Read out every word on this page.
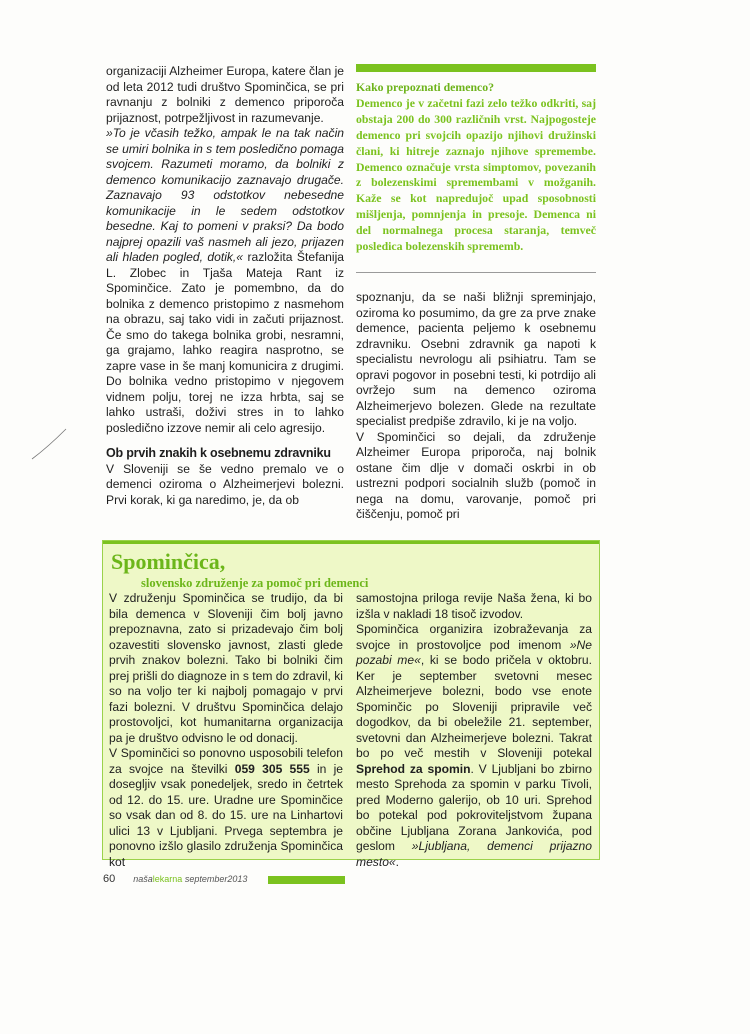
organizaciji Alzheimer Europa, katere član je od leta 2012 tudi društvo Spominčica, se pri ravnanju z bolniki z demenco priporoča prijaznost, potrpežljivost in razumevanje.

»To je včasih težko, ampak le na tak način se umiri bolnika in s tem posledično pomaga svojcem. Razumeti moramo, da bolniki z demenco komunikacijo zaznavajo drugače. Zaznavajo 93 odstotkov nebesedne komunikacije in le sedem odstotkov besedne. Kaj to pomeni v praksi? Da bodo najprej opazili vaš nasmeh ali jezo, prijazen ali hladen pogled, dotik,« razložita Štefanija L. Zlobec in Tjaša Mateja Rant iz Spominčice. Zato je pomembno, da do bolnika z demenco pristopimo z nasmehom na obrazu, saj tako vidi in začuti prijaznost. Če smo do takega bolnika grobi, nesramni, ga grajamo, lahko reagira nasprotno, se zapre vase in še manj komunicira z drugimi. Do bolnika vedno pristopimo v njegovem vidnem polju, torej ne izza hrbta, saj se lahko ustraši, doživi stres in to lahko posledično izzove nemir ali celo agresijo.

Ob prvih znakih k osebnemu zdravniku

V Sloveniji se še vedno premalo ve o demenci oziroma o Alzheimerjevi bolezni. Prvi korak, ki ga naredimo, je, da ob

Kako prepoznati demenco?
Demenco je v začetni fazi zelo težko odkriti, saj obstaja 200 do 300 različnih vrst. Najpogosteje demenco pri svojcih opazijo njihovi družinski člani, ki hitreje zaznajo njihove spremembe. Demenco označuje vrsta simptomov, povezanih z bolezenskimi spremembami v možganih. Kaže se kot napredujoč upad sposobnosti mišljenja, pomnjenja in presoje. Demenca ni del normalnega procesa staranja, temveč posledica bolezenskih sprememb.

spoznanju, da se naši bližnji spreminjajo, oziroma ko posumimo, da gre za prve znake demence, pacienta peljemo k osebnemu zdravniku. Osebni zdravnik ga napoti k specialistu nevrologu ali psihiatru. Tam se opravi pogovor in posebni testi, ki potrdijo ali ovržejo sum na demenco oziroma Alzheimerjevo bolezen. Glede na rezultate specialist predpiše zdravilo, ki je na voljo.

V Spominčici so dejali, da združenje Alzheimer Europa priporoča, naj bolnik ostane čim dlje v domači oskrbi in ob ustrezni podpori socialnih služb (pomoč in nega na domu, varovanje, pomoč pri čiščenju, pomoč pri

Spominčica,
slovensko združenje za pomoč pri demenci

V združenju Spominčica se trudijo, da bi bila demenca v Sloveniji čim bolj javno prepoznavna, zato si prizadevajo čim bolj ozavestiti slovensko javnost, zlasti glede prvih znakov bolezni. Tako bi bolniki čim prej prišli do diagnoze in s tem do zdravil, ki so na voljo ter ki najbolj pomagajo v prvi fazi bolezni. V društvu Spominčica delajo prostovoljci, kot humanitarna organizacija pa je društvo odvisno le od donacij.

V Spominčici so ponovno usposobili telefon za svojce na številki 059 305 555 in je dosegljiv vsak ponedeljek, sredo in četrtek od 12. do 15. ure. Uradne ure Spominčice so vsak dan od 8. do 15. ure na Linhartovi ulici 13 v Ljubljani. Prvega septembra je ponovno izšlo glasilo združenja Spominčica kot

samostojna priloga revije Naša žena, ki bo izšla v nakladi 18 tisoč izvodov.

Spominčica organizira izobraževanja za svojce in prostovoljce pod imenom »Ne pozabi me«, ki se bodo pričela v oktobru. Ker je september svetovni mesec Alzheimerjeve bolezni, bodo vse enote Spominčic po Sloveniji pripravile več dogodkov, da bi obeležile 21. september, svetovni dan Alzheimerjeve bolezni. Takrat bo po več mestih v Sloveniji potekal Sprehod za spomin. V Ljubljani bo zbirno mesto Sprehoda za spomin v parku Tivoli, pred Moderno galerijo, ob 10 uri. Sprehod bo potekal pod pokroviteljstvom župana občine Ljubljana Zorana Jankovića, pod geslom »Ljubljana, demenci prijazno mesto«.

60 našalekarna september2013
